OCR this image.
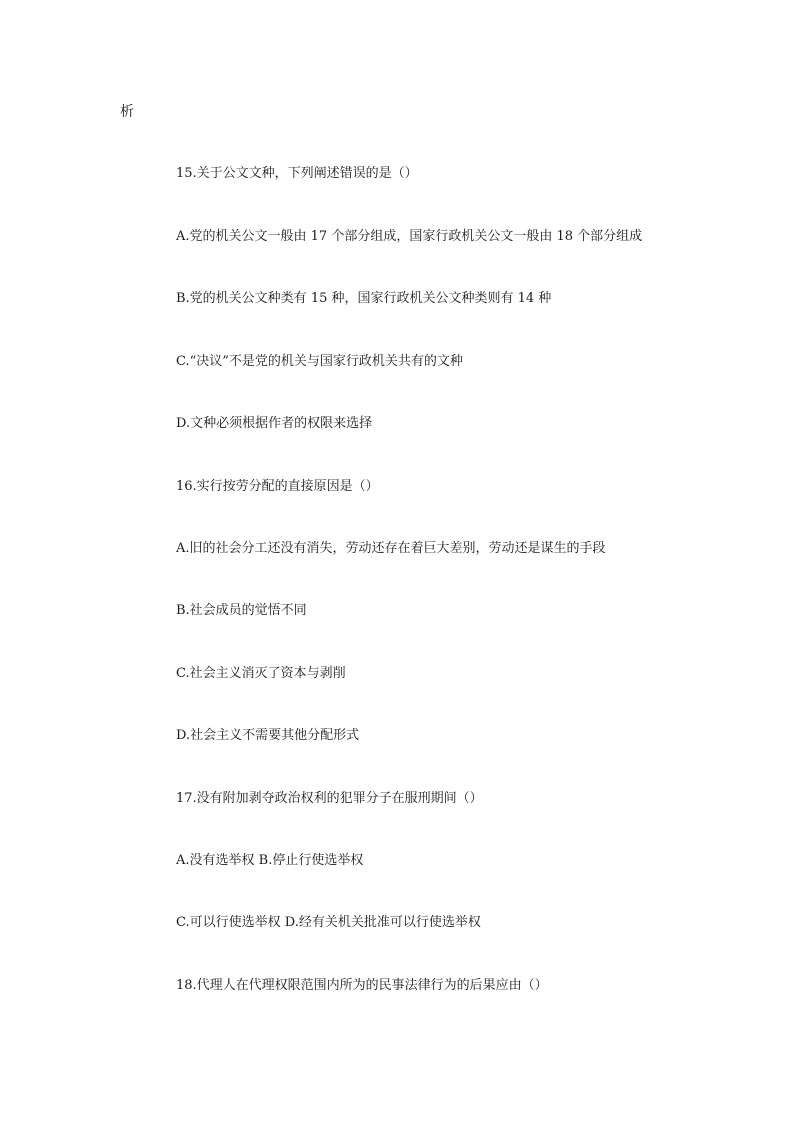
析
15.关于公文文种，下列阐述错误的是（）
A.党的机关公文一般由 17 个部分组成，国家行政机关公文一般由 18 个部分组成
B.党的机关公文种类有 15 种，国家行政机关公文种类则有 14 种
C.“决议”不是党的机关与国家行政机关共有的文种
D.文种必须根据作者的权限来选择
16.实行按劳分配的直接原因是（）
A.旧的社会分工还没有消失，劳动还存在着巨大差别，劳动还是谋生的手段
B.社会成员的觉悟不同
C.社会主义消灭了资本与剥削
D.社会主义不需要其他分配形式
17.没有附加剥夺政治权利的犯罪分子在服刑期间（）
A.没有选举权 B.停止行使选举权
C.可以行使选举权 D.经有关机关批准可以行使选举权
18.代理人在代理权限范围内所为的民事法律行为的后果应由（）
